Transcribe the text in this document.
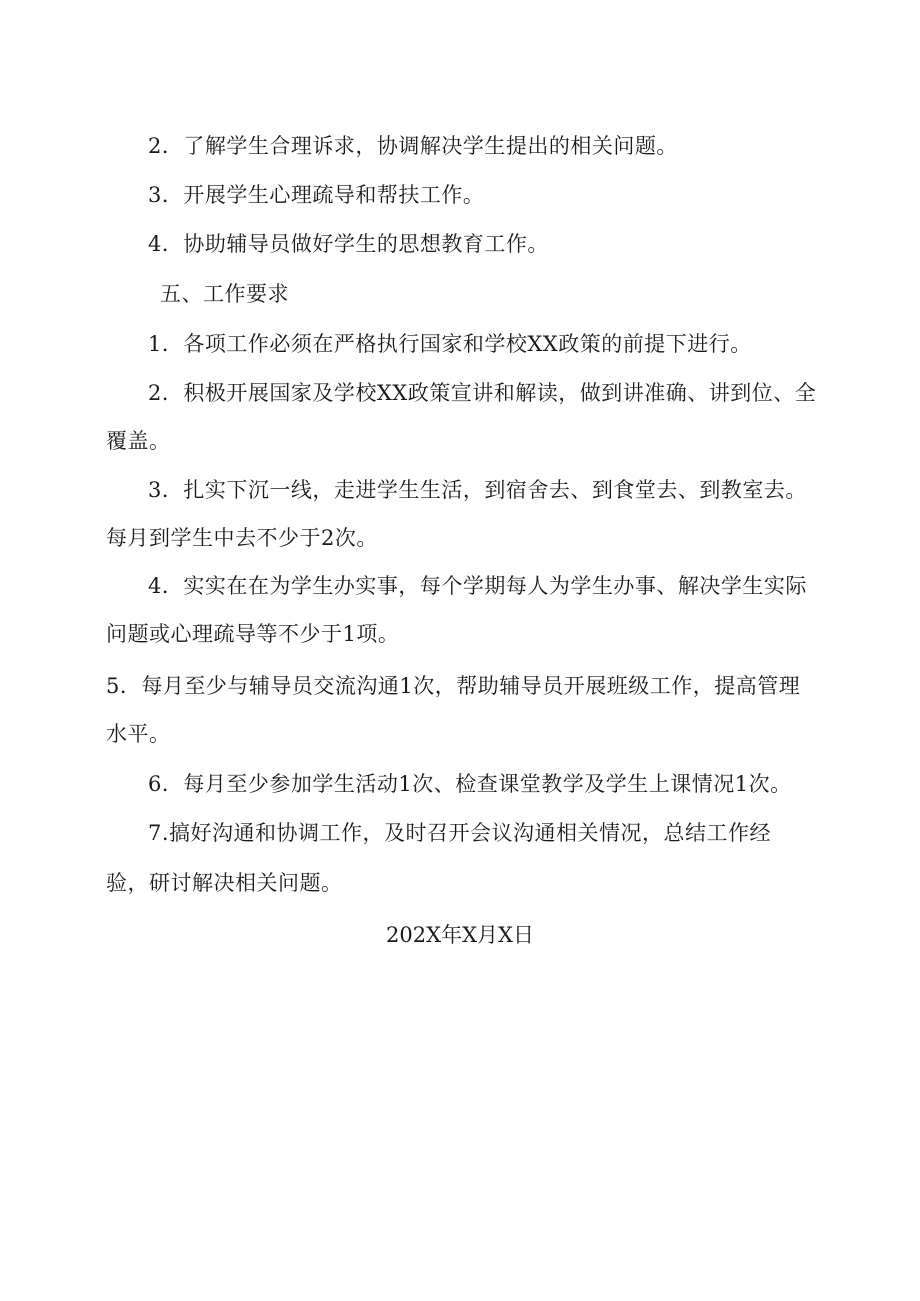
2．了解学生合理诉求，协调解决学生提出的相关问题。
3．开展学生心理疏导和帮扶工作。
4．协助辅导员做好学生的思想教育工作。
五、工作要求
1．各项工作必须在严格执行国家和学校XX政策的前提下进行。
2．积极开展国家及学校XX政策宣讲和解读，做到讲准确、讲到位、全
覆盖。
3．扎实下沉一线，走进学生生活，到宿舍去、到食堂去、到教室去。
每月到学生中去不少于2次。
4．实实在在为学生办实事，每个学期每人为学生办事、解决学生实际
问题或心理疏导等不少于1项。
5．每月至少与辅导员交流沟通1次，帮助辅导员开展班级工作，提高管理
水平。
6．每月至少参加学生活动1次、检查课堂教学及学生上课情况1次。
7.搞好沟通和协调工作，及时召开会议沟通相关情况，总结工作经
验，研讨解决相关问题。
202X年X月X日
